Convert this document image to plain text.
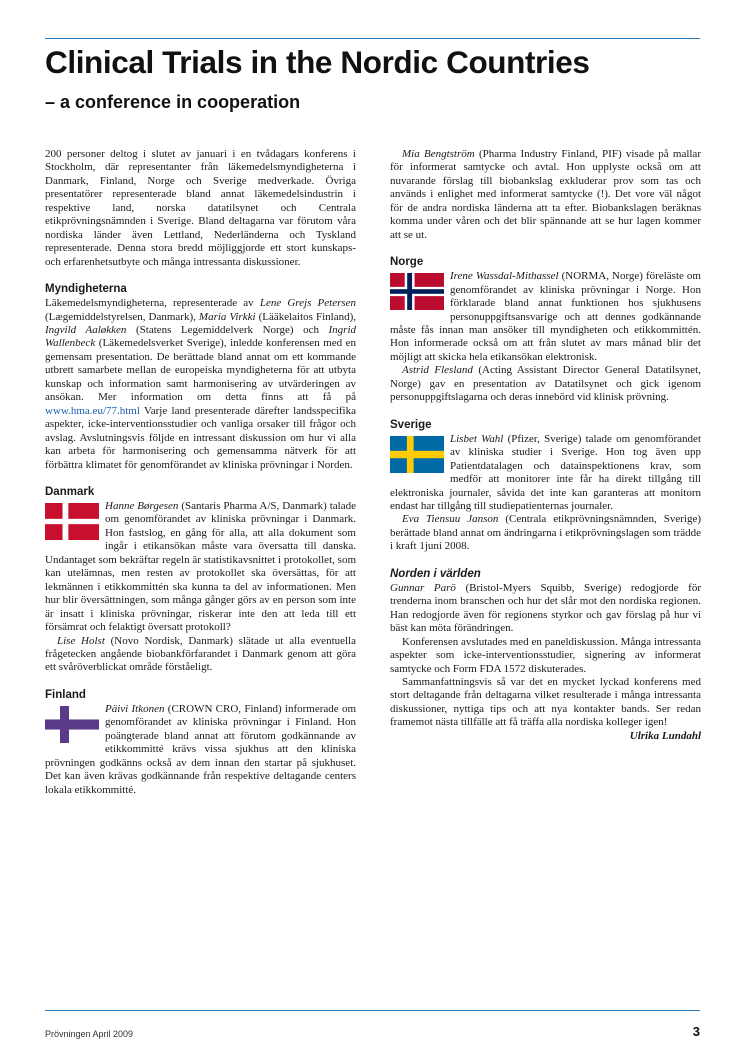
Clinical Trials in the Nordic Countries
– a conference in cooperation

200 personer deltog i slutet av januari i en tvådagars konferens i Stockholm, där representanter från läkemedelsmyndigheterna i Danmark, Finland, Norge och Sverige medverkade. Övriga presentatörer representerade bland annat läkemedelsindustrin i respektive land, norska datatilsynet och Centrala etikprövningsnämnden i Sverige. Bland deltagarna var förutom våra nordiska länder även Lettland, Nederländerna och Tyskland representerade. Denna stora bredd möjliggjorde ett stort kunskaps- och erfarenhetsutbyte och många intressanta diskussioner.

Myndigheterna

Läkemedelsmyndigheterna, representerade av Lene Grejs Petersen (Lægemiddelstyrelsen, Danmark), Maria Virkki (Lääkelaitos Finland), Ingvild Aaløkken (Statens Legemiddelverk Norge) och Ingrid Wallenbeck (Läkemedelsverket Sverige), inledde konferensen med en gemensam presentation. De berättade bland annat om ett kommande utbrett samarbete mellan de europeiska myndigheterna för att utbyta kunskap och information samt harmonisering av utvärderingen av ansökan. Mer information om detta finns att få på www.hma.eu/77.html Varje land presenterade därefter landsspecifika aspekter, icke-interventionsstudier och vanliga orsaker till frågor och avslag. Avslutningsvis följde en intressant diskussion om hur vi alla kan arbeta för harmonisering och gemensamma nätverk för att förbättra klimatet för genomförandet av kliniska prövningar i Norden.

Danmark

Hanne Børgesen (Santaris Pharma A/S, Danmark) talade om genomförandet av kliniska prövningar i Danmark. Hon fastslog, en gång för alla, att alla dokument som ingår i etikansökan måste vara översatta till danska. Undantaget som bekräftar regeln är statistikavsnittet i protokollet, som kan utelämnas, men resten av protokollet ska översättas, för att lekmännen i etikkommittén ska kunna ta del av informationen. Men hur blir översättningen, som många gånger görs av en person som inte är insatt i kliniska prövningar, riskerar inte den att leda till ett försämrat och felaktigt översatt protokoll?

Lise Holst (Novo Nordisk, Danmark) slätade ut alla eventuella frågetecken angående biobankförfarandet i Danmark genom att göra ett svåröverblickat område förståeligt.

Finland

Päivi Itkonen (CROWN CRO, Finland) informerade om genomförandet av kliniska prövningar i Finland. Hon poängterade bland annat att förutom godkännande av etikkommitté krävs vissa sjukhus att den kliniska prövningen godkänns också av dem innan den startar på sjukhuset. Det kan även krävas godkännande från respektive deltagande centers lokala etikkommitté.

Mia Bengtström (Pharma Industry Finland, PIF) visade på mallar för informerat samtycke och avtal. Hon upplyste också om att nuvarande förslag till biobankslag exkluderar prov som tas och används i enlighet med informerat samtycke (!). Det vore väl något för de andra nordiska länderna att ta efter. Biobankslagen beräknas komma under våren och det blir spännande att se hur lagen kommer att se ut.

Norge

Irene Wassdal-Mithassel (NORMA, Norge) föreläste om genomförandet av kliniska prövningar i Norge. Hon förklarade bland annat funktionen hos sjukhusens personuppgiftsansvarige och att dennes godkännande måste fås innan man ansöker till myndigheten och etikkommittén. Hon informerade också om att från slutet av mars månad blir det möjligt att skicka hela etikansökan elektronisk.

Astrid Flesland (Acting Assistant Director General Datatilsynet, Norge) gav en presentation av Datatilsynet och gick igenom personuppgiftslagarna och deras innebörd vid klinisk prövning.

Sverige

Lisbet Wahl (Pfizer, Sverige) talade om genomförandet av kliniska studier i Sverige. Hon tog även upp Patientdatalagen och datainspektionens krav, som medför att monitorer inte får ha direkt tillgång till elektroniska journaler, såvida det inte kan garanteras att monitorn endast har tillgång till studiepatienternas journaler.

Eva Tiensuu Janson (Centrala etikprövningsnämnden, Sverige) berättade bland annat om ändringarna i etikprövningslagen som trädde i kraft 1juni 2008.

Norden i världen

Gunnar Parö (Bristol-Myers Squibb, Sverige) redogjorde för trenderna inom branschen och hur det slår mot den nordiska regionen. Han redogjorde även för regionens styrkor och gav förslag på hur vi bäst kan möta förändringen.

Konferensen avslutades med en paneldiskussion. Många intressanta aspekter som icke-interventionsstudier, signering av informerat samtycke och Form FDA 1572 diskuterades.

Sammanfattningsvis så var det en mycket lyckad konferens med stort deltagande från deltagarna vilket resulterade i många intressanta diskussioner, nyttiga tips och att nya kontakter bands. Ser redan framemot nästa tillfälle att få träffa alla nordiska kolleger igen!

Ulrika Lundahl

Prövningen April 2009	3
